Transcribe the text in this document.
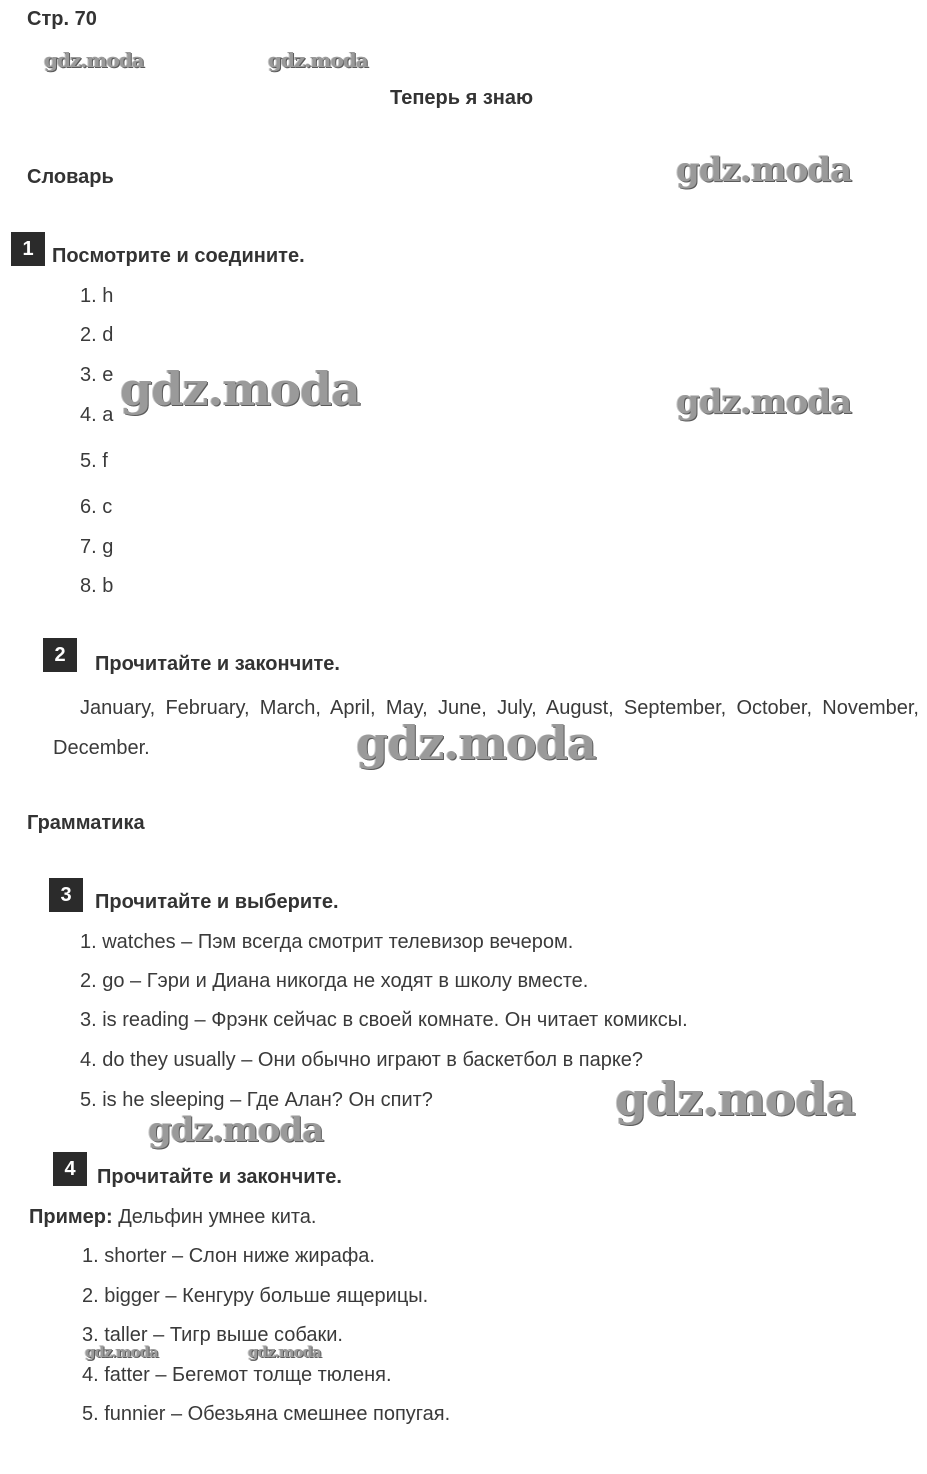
Стр. 70
Теперь я знаю
gdz.moda	gdz.moda
gdz.moda
gdz.moda	gdz.moda
gdz.moda
gdz.moda
gdz.moda
gdz.moda	gdz.moda
Словарь
1 Посмотрите и соедините.
1. h
2. d
3. e
4. a
5. f
6. c
7. g
8. b
2	Прочитайте и закончите.
January, February, March, April, May, June, July, August, September, October, November, December.
Грамматика
3	Прочитайте и выберите.
1. watches – Пэм всегда смотрит телевизор вечером.
2. go – Гэри и Диана никогда не ходят в школу вместе.
3. is reading – Фрэнк сейчас в своей комнате. Он читает комиксы.
4. do they usually – Они обычно играют в баскетбол в парке?
5. is he sleeping – Где Алан? Он спит?
4	Прочитайте и закончите.
Пример: Дельфин умнее кита.
1. shorter – Слон ниже жирафа.
2. bigger – Кенгуру больше ящерицы.
3. taller – Тигр выше собаки.
4. fatter – Бегемот толще тюленя.
5. funnier – Обезьяна смешнее попугая.
